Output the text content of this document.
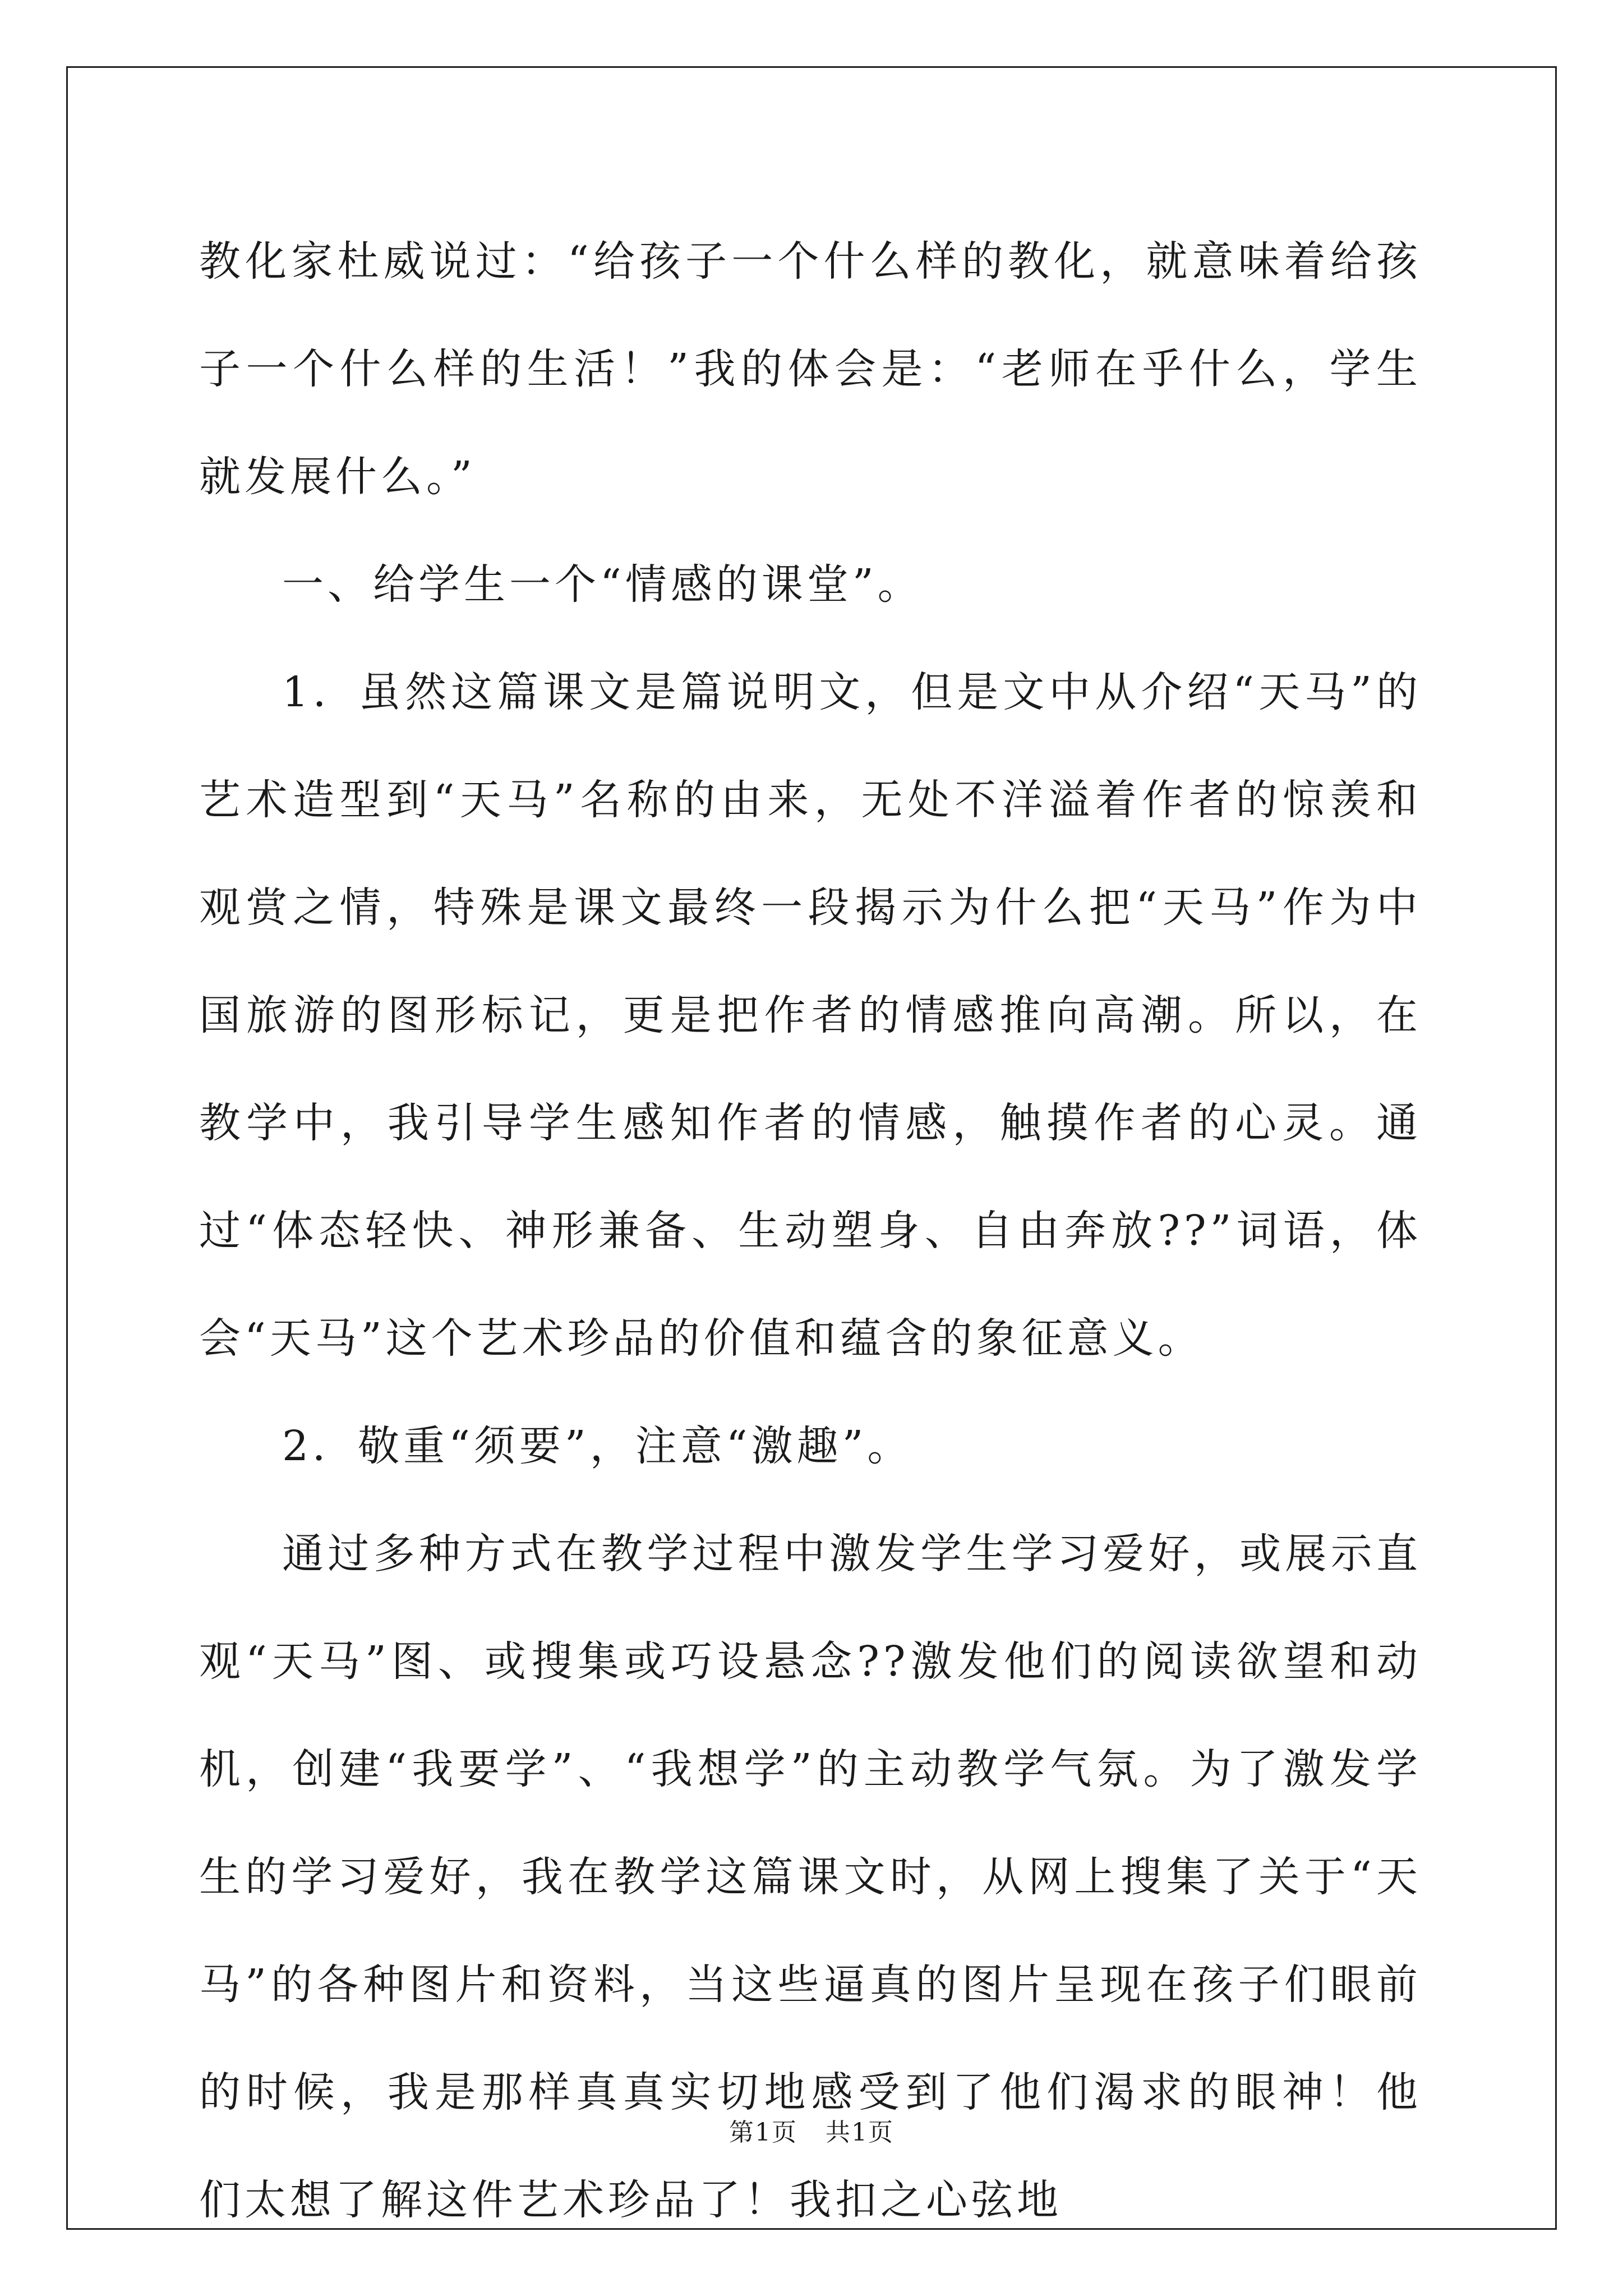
教化家杜威说过：“给孩子一个什么样的教化，就意味着给孩子一个什么样的生活！”我的体会是：“老师在乎什么，学生就发展什么。”

一、给学生一个“情感的课堂”。

1．虽然这篇课文是篇说明文，但是文中从介绍“天马”的艺术造型到“天马”名称的由来，无处不洋溢着作者的惊羡和观赏之情，特殊是课文最终一段揭示为什么把“天马”作为中国旅游的图形标记，更是把作者的情感推向高潮。所以，在教学中，我引导学生感知作者的情感，触摸作者的心灵。通过“体态轻快、神形兼备、生动塑身、自由奔放??”词语，体会“天马”这个艺术珍品的价值和蕴含的象征意义。

2．敬重“须要”，注意“激趣”。

通过多种方式在教学过程中激发学生学习爱好，或展示直观“天马”图、或搜集或巧设悬念??激发他们的阅读欲望和动机，创建“我要学”、“我想学”的主动教学气氛。为了激发学生的学习爱好，我在教学这篇课文时，从网上搜集了关于“天马”的各种图片和资料，当这些逼真的图片呈现在孩子们眼前的时候，我是那样真真实切地感受到了他们渴求的眼神！他们太想了解这件艺术珍品了！我扣之心弦地

第1页 共1页
